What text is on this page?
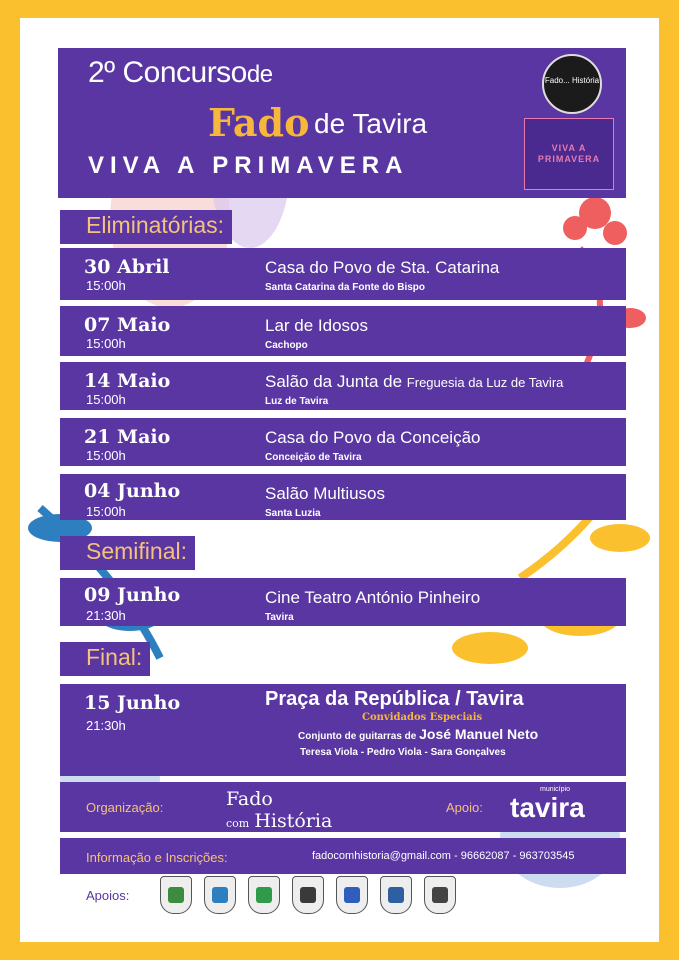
2º Concursode
Fado de Tavira
VIVA A PRIMAVERA
Fado... História
VIVA A PRIMAVERA
Eliminatórias:
30 Abril
15:00h
Casa do Povo de Sta. Catarina
Santa Catarina da Fonte do Bispo
07 Maio
15:00h
Lar de Idosos
Cachopo
14 Maio
15:00h
Salão da Junta de Freguesia da Luz de Tavira
Luz de Tavira
21 Maio
15:00h
Casa do Povo da Conceição
Conceição de Tavira
04 Junho
15:00h
Salão Multiusos
Santa Luzia
Semifinal:
09 Junho
21:30h
Cine Teatro António Pinheiro
Tavira
Final:
15 Junho
21:30h
Praça da República / Tavira
Convidados Especiais
Conjunto de guitarras de José Manuel Neto
Teresa Viola - Pedro Viola - Sara Gonçalves
Organização:	Fado
com História
Apoio:
município
tavira
Informação e Inscrições:	fadocomhistoria@gmail.com - 96662087 - 963703545
Apoios:
